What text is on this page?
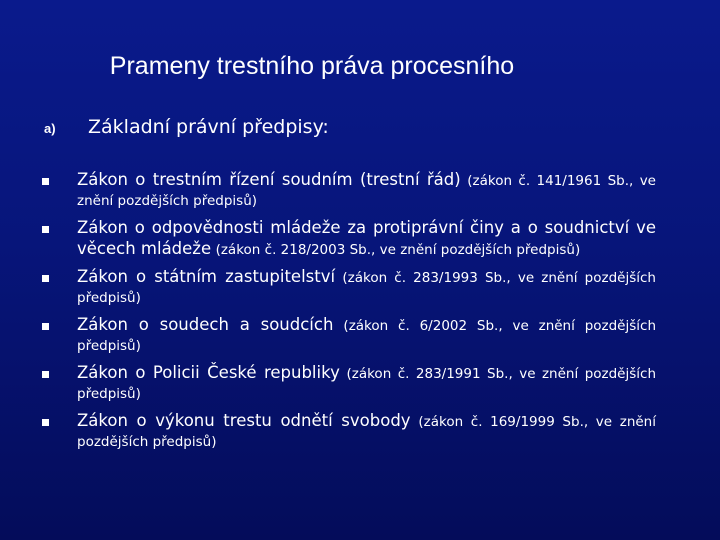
Prameny trestního práva procesního
a)	Základní právní předpisy:
Zákon o trestním řízení soudním (trestní řád) (zákon č. 141/1961 Sb., ve znění pozdějších předpisů)
Zákon o odpovědnosti mládeže za protiprávní činy a o soudnictví ve věcech mládeže (zákon č. 218/2003 Sb., ve znění pozdějších předpisů)
Zákon o státním zastupitelství (zákon č. 283/1993 Sb., ve znění pozdějších předpisů)
Zákon o soudech a soudcích (zákon č. 6/2002 Sb., ve znění pozdějších předpisů)
Zákon o Policii České republiky (zákon č. 283/1991 Sb., ve znění pozdějších předpisů)
Zákon o výkonu trestu odnětí svobody (zákon č. 169/1999 Sb., ve znění pozdějších předpisů)
